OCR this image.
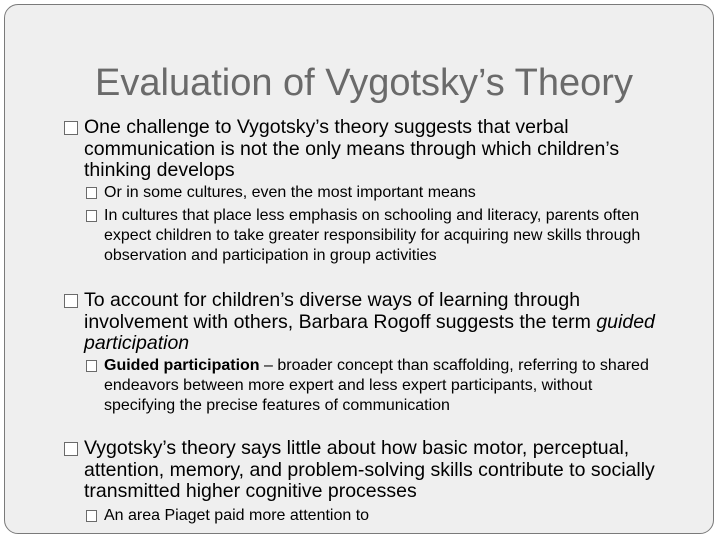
Evaluation of Vygotsky’s Theory
One challenge to Vygotsky’s theory suggests that verbal communication is not the only means through which children’s thinking develops
Or in some cultures, even the most important means
In cultures that place less emphasis on schooling and literacy, parents often expect children to take greater responsibility for acquiring new skills through observation and participation in group activities
To account for children’s diverse ways of learning through involvement with others, Barbara Rogoff suggests the term guided participation
Guided participation – broader concept than scaffolding, referring to shared endeavors between more expert and less expert participants, without specifying the precise features of communication
Vygotsky’s theory says little about how basic motor, perceptual, attention, memory, and problem-solving skills contribute to socially transmitted higher cognitive processes
An area Piaget paid more attention to
